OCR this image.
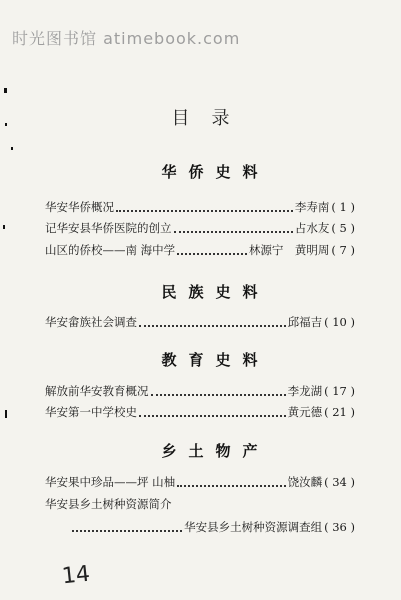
时光图书馆 atimebook.com
目录
华侨史料
华安华侨概况	李寿南 ( 1 )
记华安县华侨医院的创立	占水友 ( 5 )
山区的侨校——南 海中学	林源宁　黄明周 ( 7 )
民族史料
华安畲族社会调查	邱福吉 ( 10 )
教育史料
解放前华安教育概况	李龙湖 ( 17 )
华安第一中学校史	黄元德 ( 21 )
乡土物产
华安果中珍品——坪 山柚	饶汝麟 ( 34 )
华安县乡土树种资源简介
华安县乡土树种资源调查组 ( 36 )
14
